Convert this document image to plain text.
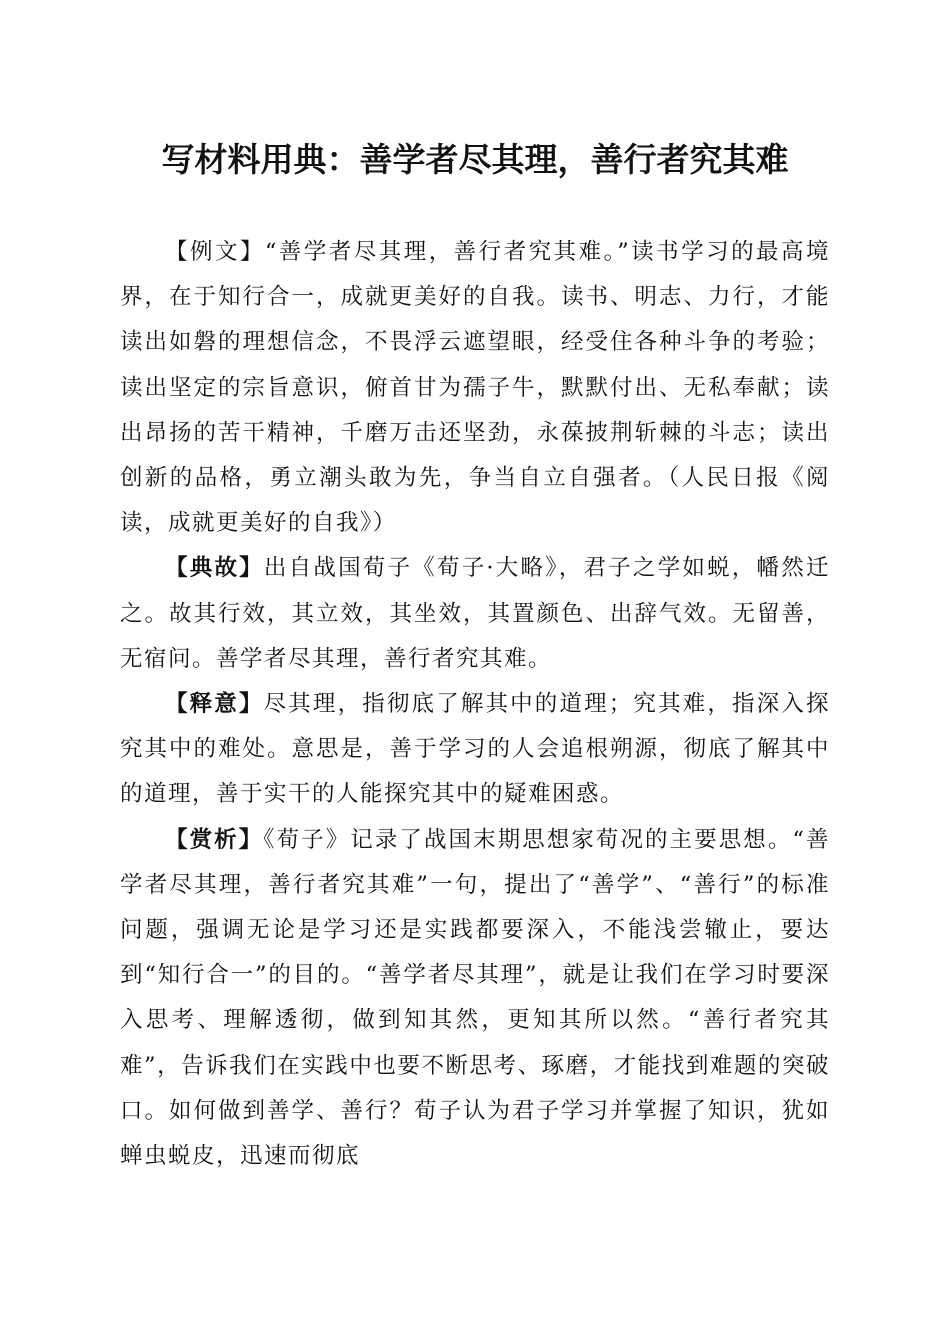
写材料用典：善学者尽其理，善行者究其难

【例文】“善学者尽其理，善行者究其难。”读书学习的最高境界，在于知行合一，成就更美好的自我。读书、明志、力行，才能读出如磐的理想信念，不畏浮云遮望眼，经受住各种斗争的考验；读出坚定的宗旨意识，俯首甘为孺子牛，默默付出、无私奉献；读出昂扬的苦干精神，千磨万击还坚劲，永葆披荆斩棘的斗志；读出创新的品格，勇立潮头敢为先，争当自立自强者。（人民日报《阅读，成就更美好的自我》）

【典故】出自战国荀子《荀子·大略》，君子之学如蜕，幡然迁之。故其行效，其立效，其坐效，其置颜色、出辞气效。无留善，无宿问。善学者尽其理，善行者究其难。

【释意】尽其理，指彻底了解其中的道理；究其难，指深入探究其中的难处。意思是，善于学习的人会追根朔源，彻底了解其中的道理，善于实干的人能探究其中的疑难困惑。

【赏析】《荀子》记录了战国末期思想家荀况的主要思想。“善学者尽其理，善行者究其难”一句，提出了“善学”、“善行”的标准问题，强调无论是学习还是实践都要深入，不能浅尝辙止，要达到“知行合一”的目的。“善学者尽其理”，就是让我们在学习时要深入思考、理解透彻，做到知其然，更知其所以然。“善行者究其难”，告诉我们在实践中也要不断思考、琢磨，才能找到难题的突破口。如何做到善学、善行？荀子认为君子学习并掌握了知识，犹如蝉虫蜕皮，迅速而彻底
